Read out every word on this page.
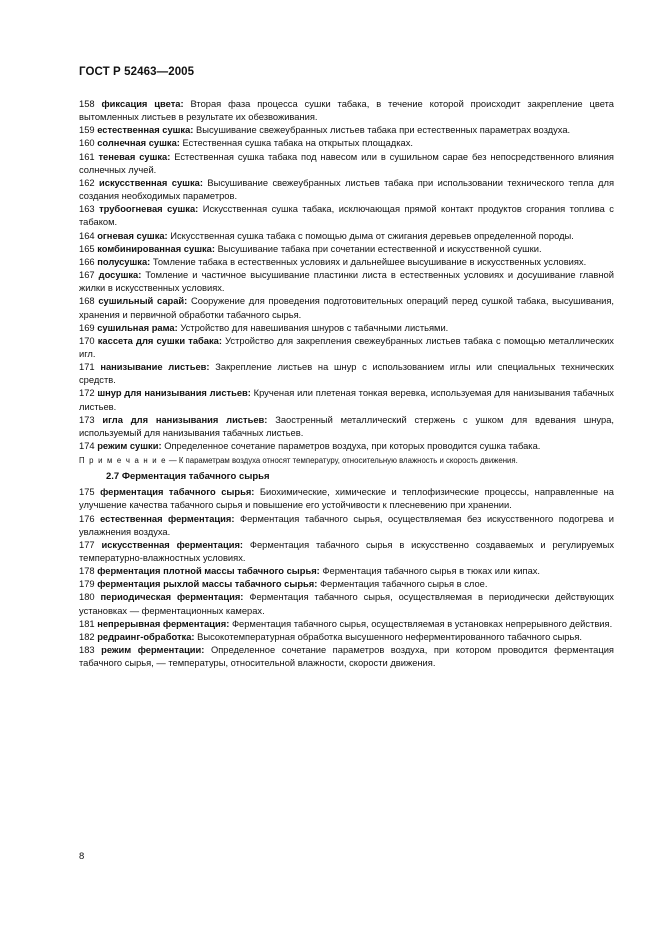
ГОСТ Р 52463—2005

158 фиксация цвета: Вторая фаза процесса сушки табака, в течение которой происходит закрепление цвета вытомленных листьев в результате их обезвоживания.

159 естественная сушка: Высушивание свежеубранных листьев табака при естественных параметрах воздуха.

160 солнечная сушка: Естественная сушка табака на открытых площадках.

161 теневая сушка: Естественная сушка табака под навесом или в сушильном сарае без непосредственного влияния солнечных лучей.

162 искусственная сушка: Высушивание свежеубранных листьев табака при использовании технического тепла для создания необходимых параметров.

163 трубоогневая сушка: Искусственная сушка табака, исключающая прямой контакт продуктов сгорания топлива с табаком.

164 огневая сушка: Искусственная сушка табака с помощью дыма от сжигания деревьев определенной породы.

165 комбинированная сушка: Высушивание табака при сочетании естественной и искусственной сушки.

166 полусушка: Томление табака в естественных условиях и дальнейшее высушивание в искусственных условиях.

167 досушка: Томление и частичное высушивание пластинки листа в естественных условиях и досушивание главной жилки в искусственных условиях.

168 сушильный сарай: Сооружение для проведения подготовительных операций перед сушкой табака, высушивания, хранения и первичной обработки табачного сырья.

169 сушильная рама: Устройство для навешивания шнуров с табачными листьями.

170 кассета для сушки табака: Устройство для закрепления свежеубранных листьев табака с помощью металлических игл.

171 нанизывание листьев: Закрепление листьев на шнур с использованием иглы или специальных технических средств.

172 шнур для нанизывания листьев: Крученая или плетеная тонкая веревка, используемая для нанизывания табачных листьев.

173 игла для нанизывания листьев: Заостренный металлический стержень с ушком для вдевания шнура, используемый для нанизывания табачных листьев.

174 режим сушки: Определенное сочетание параметров воздуха, при которых проводится сушка табака.

П р и м е ч а н и е — К параметрам воздуха относят температуру, относительную влажность и скорость движения.
2.7 Ферментация табачного сырья

175 ферментация табачного сырья: Биохимические, химические и теплофизические процессы, направленные на улучшение качества табачного сырья и повышение его устойчивости к плесневению при хранении.

176 естественная ферментация: Ферментация табачного сырья, осуществляемая без искусственного подогрева и увлажнения воздуха.

177 искусственная ферментация: Ферментация табачного сырья в искусственно создаваемых и регулируемых температурно-влажностных условиях.

178 ферментация плотной массы табачного сырья: Ферментация табачного сырья в тюках или кипах.

179 ферментация рыхлой массы табачного сырья: Ферментация табачного сырья в слое.

180 периодическая ферментация: Ферментация табачного сырья, осуществляемая в периодически действующих установках — ферментационных камерах.

181 непрерывная ферментация: Ферментация табачного сырья, осуществляемая в установках непрерывного действия.

182 редраинг-обработка: Высокотемпературная обработка высушенного неферментированного табачного сырья.

183 режим ферментации: Определенное сочетание параметров воздуха, при котором проводится ферментация табачного сырья, — температуры, относительной влажности, скорости движения.

8
